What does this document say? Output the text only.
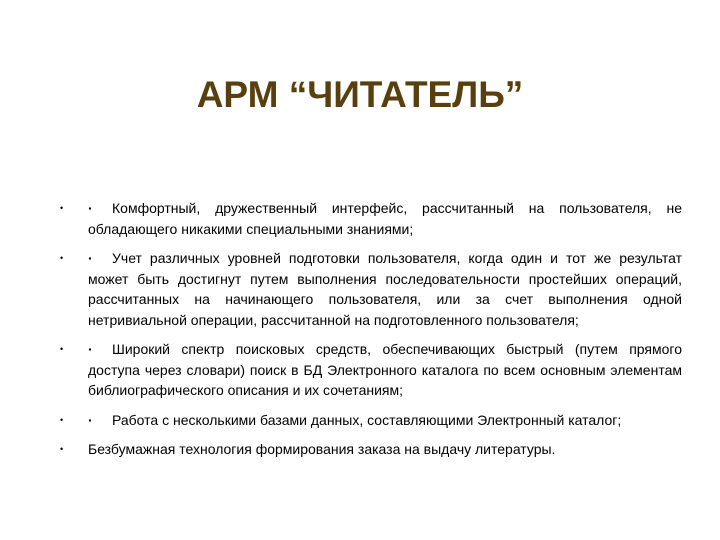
АРМ “ЧИТАТЕЛЬ”
• · Комфортный, дружественный интерфейс, рассчитанный на пользователя, не обладающего никакими специальными знаниями;
• · Учет различных уровней подготовки пользователя, когда один и тот же результат может быть достигнут путем выполнения последовательности простейших операций, рассчитанных на начинающего пользователя, или за счет выполнения одной нетривиальной операции, рассчитанной на подготовленного пользователя;
• · Широкий спектр поисковых средств, обеспечивающих быстрый (путем прямого доступа через словари) поиск в БД Электронного каталога по всем основным элементам библиографического описания и их сочетаниям;
• · Работа с несколькими базами данных, составляющими Электронный каталог;
• Безбумажная технология формирования заказа на выдачу литературы.
